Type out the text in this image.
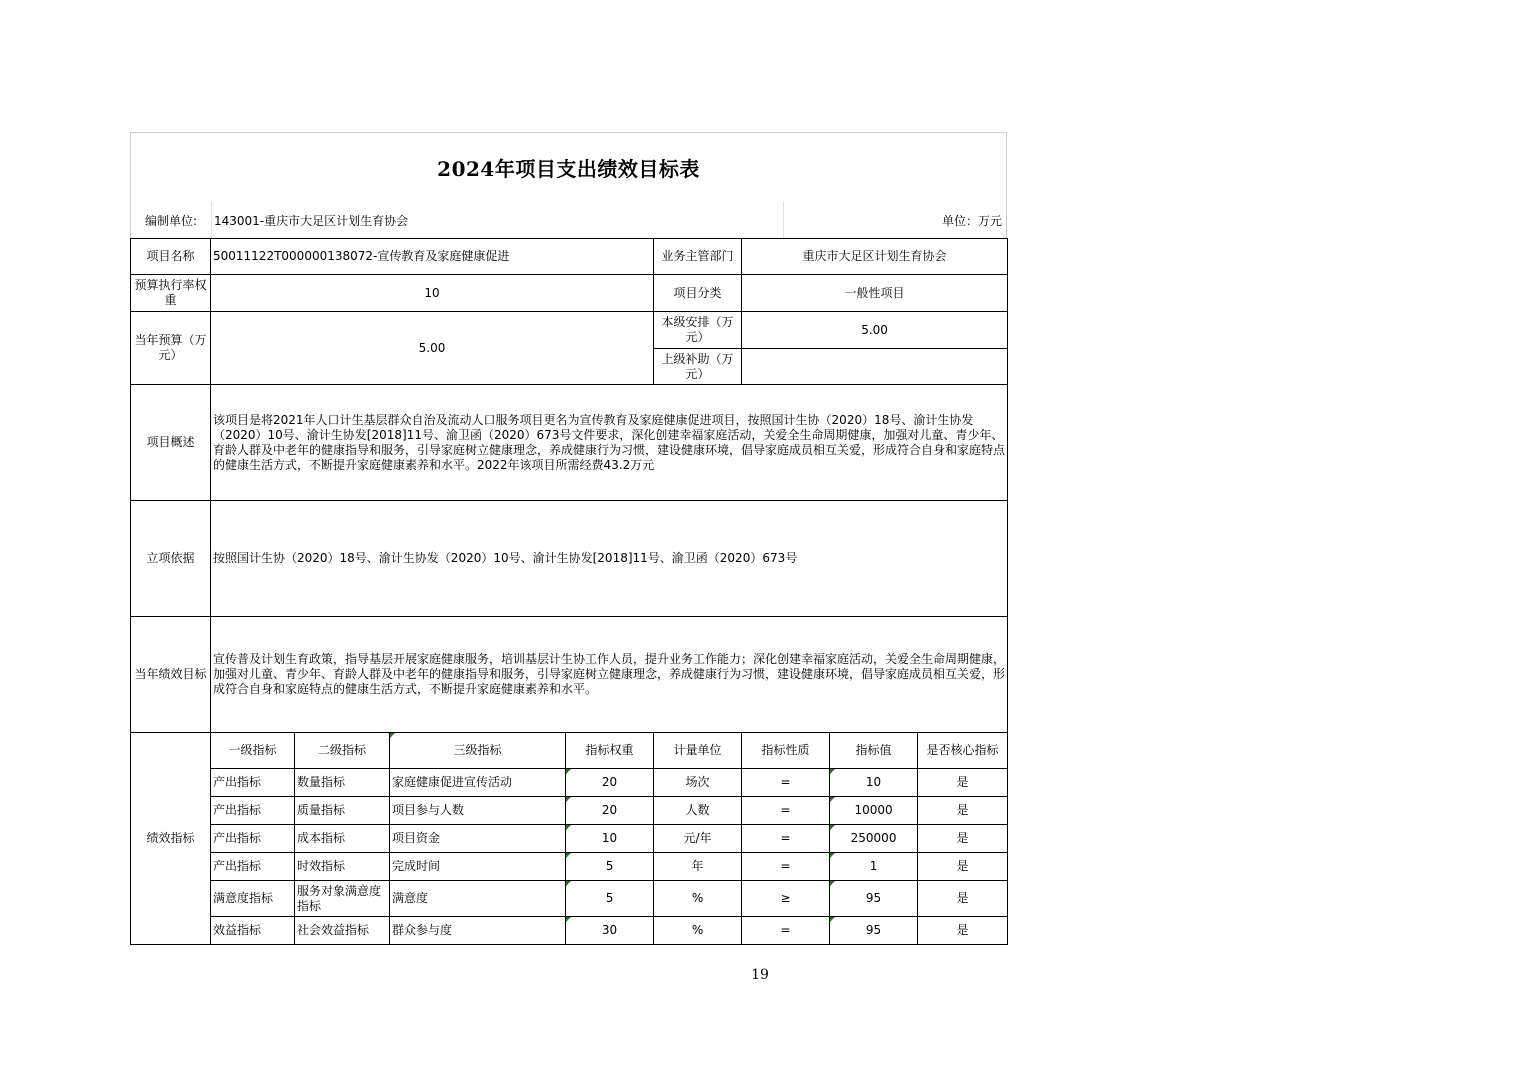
2024年项目支出绩效目标表
编制单位:	143001-重庆市大足区计划生育协会	单位：万元
项目名称	50011122T000000138072-宣传教育及家庭健康促进				业务主管部门	重庆市大足区计划生育协会		
预算执行率权重	10				项目分类	一般性项目		
当年预算（万元）	5.00				本级安排（万元）	5.00		
					上级补助（万元）			
项目概述	该项目是将2021年人口计生基层群众自治及流动人口服务项目更名为宣传教育及家庭健康促进项目，按照国计生协（2020）18号、渝计生协发（2020）10号、渝计生协发[2018]11号、渝卫函（2020）673号文件要求，深化创建幸福家庭活动，关爱全生命周期健康，加强对儿童、青少年、育龄人群及中老年的健康指导和服务，引导家庭树立健康理念，养成健康行为习惯，建设健康环境，倡导家庭成员相互关爱，形成符合自身和家庭特点的健康生活方式，不断提升家庭健康素养和水平。2022年该项目所需经费43.2万元							
立项依据	按照国计生协（2020）18号、渝计生协发（2020）10号、渝计生协发[2018]11号、渝卫函（2020）673号							
当年绩效目标	宣传普及计划生育政策，指导基层开展家庭健康服务，培训基层计生协工作人员，提升业务工作能力；深化创建幸福家庭活动，关爱全生命周期健康，加强对儿童、青少年、育龄人群及中老年的健康指导和服务，引导家庭树立健康理念，养成健康行为习惯，建设健康环境，倡导家庭成员相互关爱，形成符合自身和家庭特点的健康生活方式，不断提升家庭健康素养和水平。							
绩效指标	一级指标	二级指标	三级指标	指标权重	计量单位	指标性质	指标值	是否核心指标
	产出指标	数量指标	家庭健康促进宣传活动	20	场次	=	10	是
	产出指标	质量指标	项目参与人数	20	人数	=	10000	是
	产出指标	成本指标	项目资金	10	元/年	=	250000	是
	产出指标	时效指标	完成时间	5	年	=	1	是
	满意度指标	服务对象满意度指标	满意度	5	%	≥	95	是
	效益指标	社会效益指标	群众参与度	30	%	=	95	是
19
